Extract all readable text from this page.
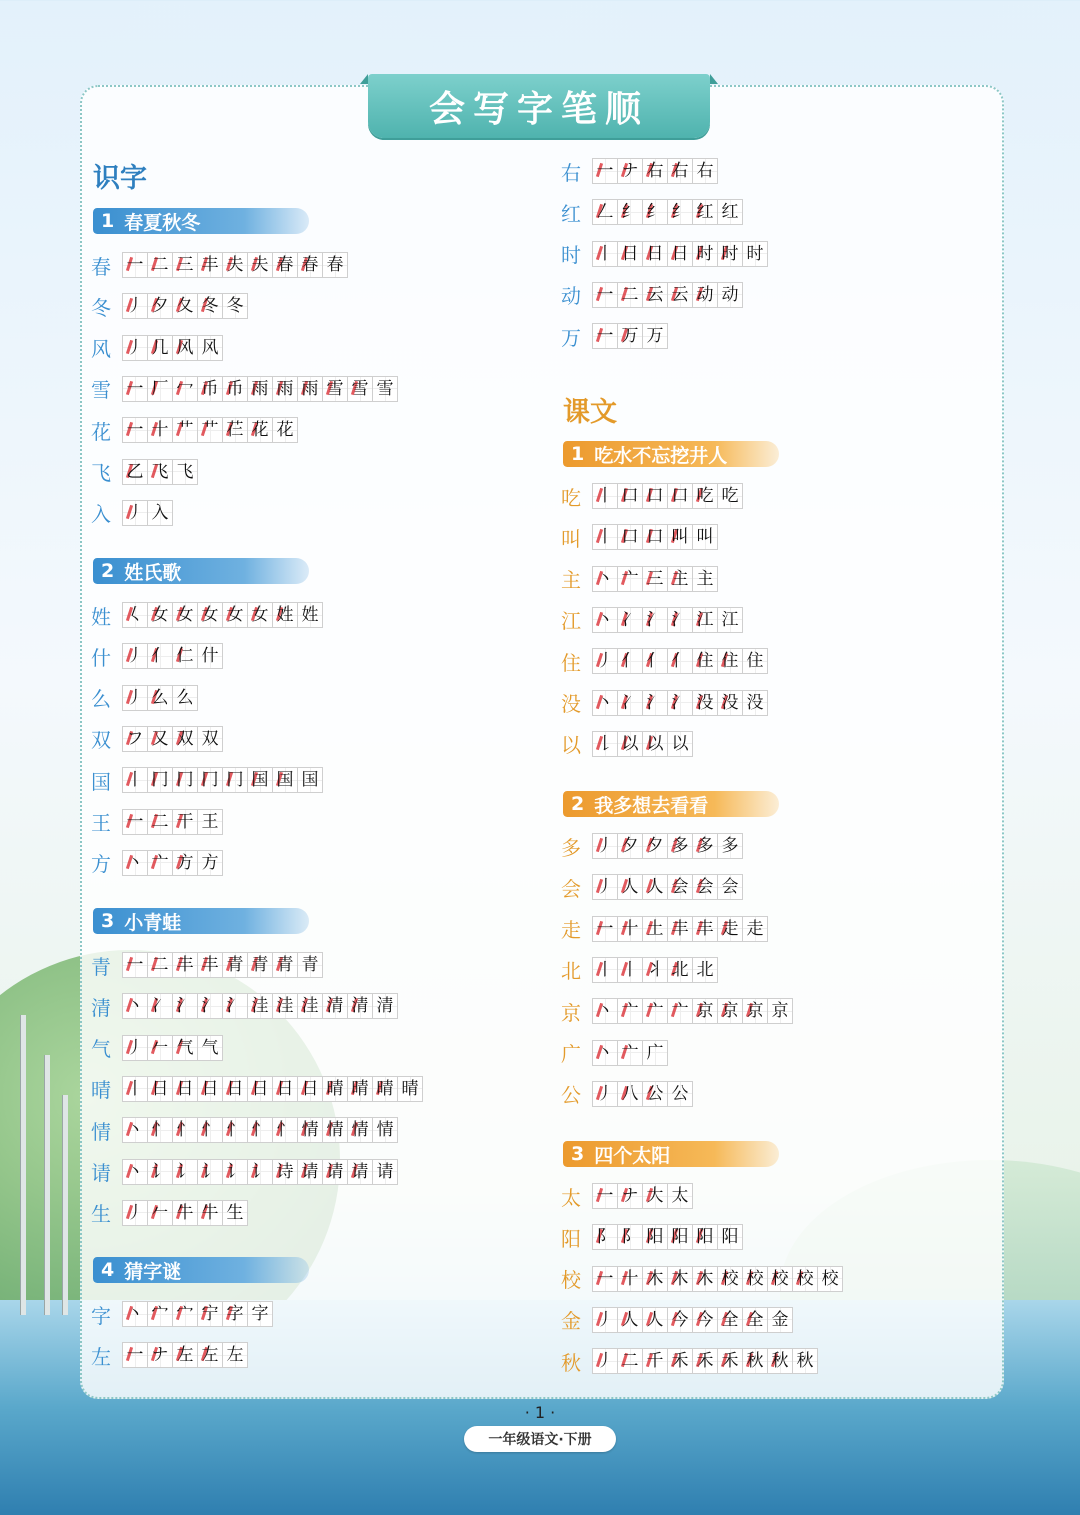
会写字笔顺
识字
1 春夏秋冬
春 一 二 三 丰 夫 夫 春 春 春
冬 丿 夕 夂 冬 冬
风 丿 几 风 风
雪 一 厂 冖 币 币 雨 雨 雨 雪 雪 雪
花 一 十 艹 艹 芢 花 花
飞 乙 飞 飞
入 丿 入
2 姓氏歌
姓 𡿨 女 女 女 女 女 姓 姓
什 丿 亻 仁 什
么 丿 么 么
双 フ 又 双 双
国 丨 冂 冂 冂 冂 国 国 国
王 一 二 干 王
方 丶 亠 方 方
3 小青蛙
青 一 二 丰 丰 青 青 青 青
清 丶 冫 氵 氵 氵 洼 洼 洼 清 清 清
气 丿 𠂉 气 气
晴 丨 日 日 日 日 日 日 日 晴 晴 晴 晴
情 丶 忄 忄 忄 忄 忄 忄 情 情 情 情
请 丶 讠 讠 讠 讠 讠 诗 请 请 请 请
生 丿 𠂉 牛 牛 生
4 猜字谜
字 丶 宀 宀 宁 字 字
左 一 ナ 左 左 左
右 一 ナ 右 右 右
红 𠃋 纟 纟 纟 红 红
时 丨 日 日 日 时 时 时
动 一 二 云 云 动 动
万 一 万 万
课文
1 吃水不忘挖井人
吃 丨 口 口 口 吃 吃
叫 丨 口 口 叫 叫
主 丶 亠 三 主 主
江 丶 冫 氵 氵 江 江
住 丿 亻 亻 亻 住 住 住
没 丶 冫 氵 氵 没 没 没
以 𠄌 以 以 以
2 我多想去看看
多 丿 夕 夕 多 多 多
会 丿 人 人 会 会 会
走 一 十 土 丰 丰 走 走
北 丨 丨 丬 北 北
京 丶 亠 亠 亠 京 京 京 京
广 丶 亠 广
公 丿 八 公 公
3 四个太阳
太 一 ナ 大 太
阳 阝 阝 阳 阳 阳 阳
校 一 十 木 木 木 校 校 校 校 校
金 丿 人 人 今 今 全 全 金
秋 丿 二 千 禾 禾 禾 秋 秋 秋
· 1 ·
一年级语文·下册
